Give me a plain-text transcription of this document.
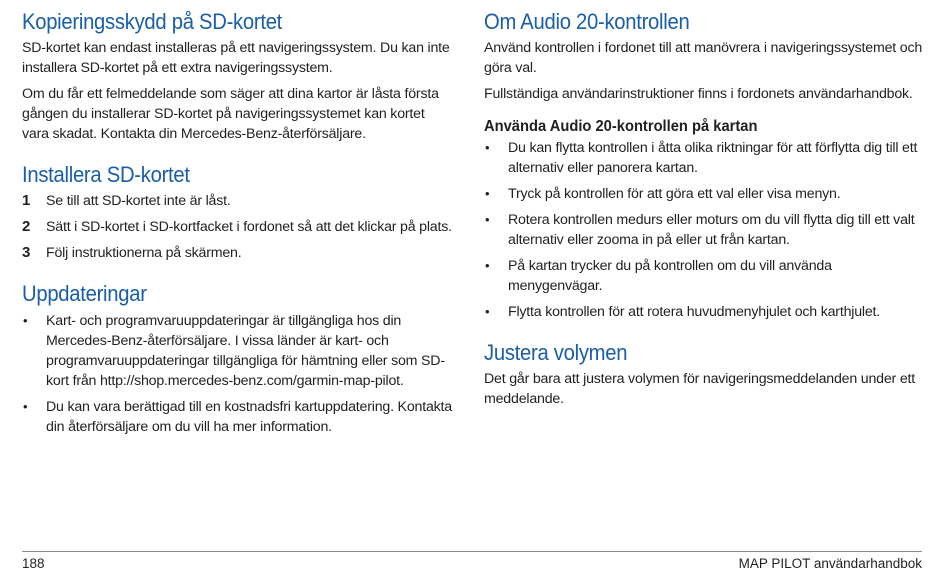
Kopieringsskydd på SD-kortet

SD-kortet kan endast installeras på ett navigeringssystem. Du kan inte installera SD-kortet på ett extra navigeringssystem.

Om du får ett felmeddelande som säger att dina kartor är låsta första gången du installerar SD-kortet på navigeringssystemet kan kortet vara skadat. Kontakta din Mercedes-Benz-återförsäljare.

Installera SD-kortet
1 Se till att SD-kortet inte är låst.
2 Sätt i SD-kortet i SD-kortfacket i fordonet så att det klickar på plats.
3 Följ instruktionerna på skärmen.
Uppdateringar
• Kart- och programvaruuppdateringar är tillgängliga hos din Mercedes-Benz-återförsäljare. I vissa länder är kart- och programvaruuppdateringar tillgängliga för hämtning eller som SD-kort från http://shop.mercedes-benz.com/garmin-map-pilot.
• Du kan vara berättigad till en kostnadsfri kartuppdatering. Kontakta din återförsäljare om du vill ha mer information.
Om Audio 20-kontrollen

Använd kontrollen i fordonet till att manövrera i navigeringssystemet och göra val.

Fullständiga användarinstruktioner finns i fordonets användarhandbok.

Använda Audio 20-kontrollen på kartan
• Du kan flytta kontrollen i åtta olika riktningar för att förflytta dig till ett alternativ eller panorera kartan.
• Tryck på kontrollen för att göra ett val eller visa menyn.
• Rotera kontrollen medurs eller moturs om du vill flytta dig till ett valt alternativ eller zooma in på eller ut från kartan.
• På kartan trycker du på kontrollen om du vill använda menygenvägar.
• Flytta kontrollen för att rotera huvudmenyhjulet och karthjulet.
Justera volymen

Det går bara att justera volymen för navigeringsmeddelanden under ett meddelande.

188	MAP PILOT användarhandbok
